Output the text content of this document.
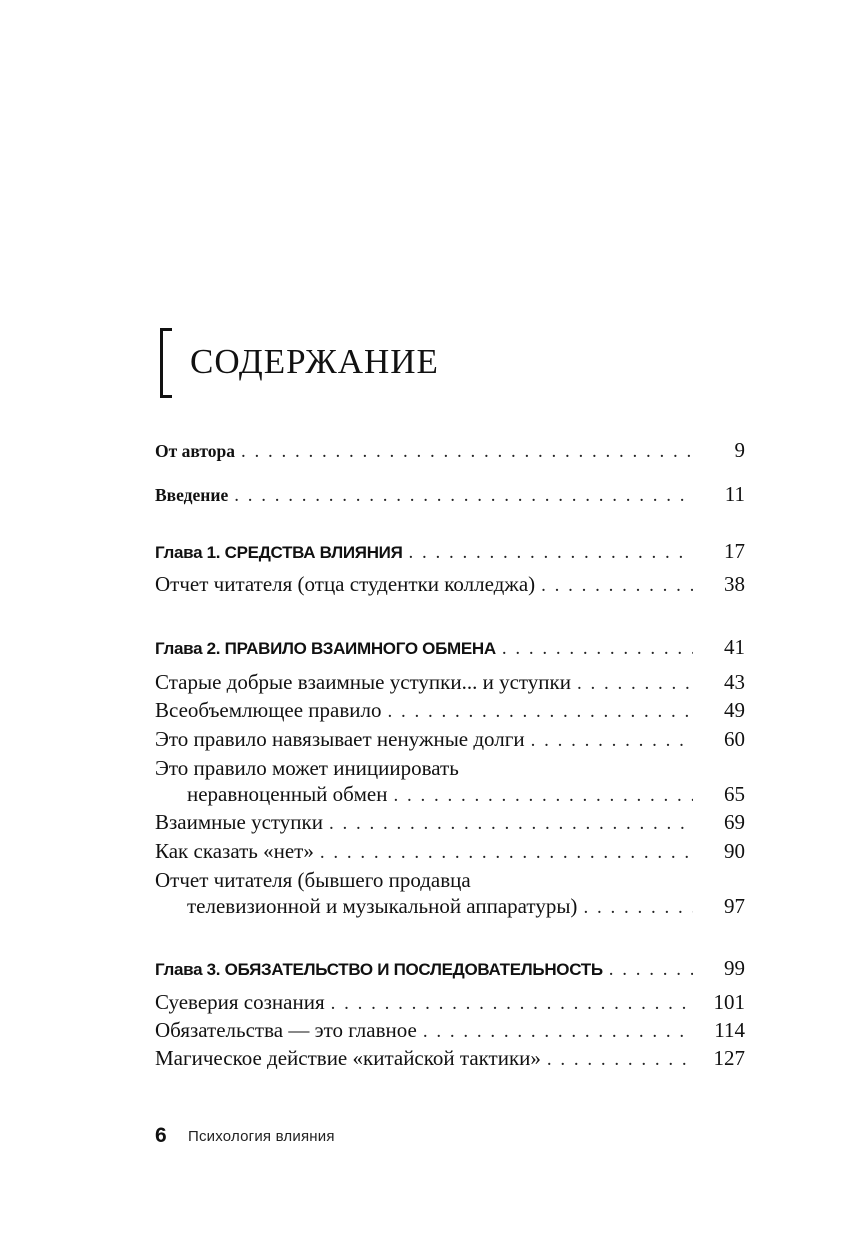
СОДЕРЖАНИЕ
От автора . . .	9
Введение . . .	11
Глава 1. СРЕДСТВА ВЛИЯНИЯ . . .	17
Отчет читателя (отца студентки колледжа) . . .	38
Глава 2. ПРАВИЛО ВЗАИМНОГО ОБМЕНА . . .	41
Старые добрые взаимные уступки... и уступки . . .	43
Всеобъемлющее правило . . .	49
Это правило навязывает ненужные долги . . .	60
Это правило может инициировать
неравноценный обмен . . .	65
Взаимные уступки . . .	69
Как сказать «нет» . . .	90
Отчет читателя (бывшего продавца
телевизионной и музыкальной аппаратуры) . . .	97
Глава 3. ОБЯЗАТЕЛЬСТВО И ПОСЛЕДОВАТЕЛЬНОСТЬ . . .	99
Суеверия сознания . . .	101
Обязательства — это главное . . .	114
Магическое действие «китайской тактики» . . .	127
6 Психология влияния
